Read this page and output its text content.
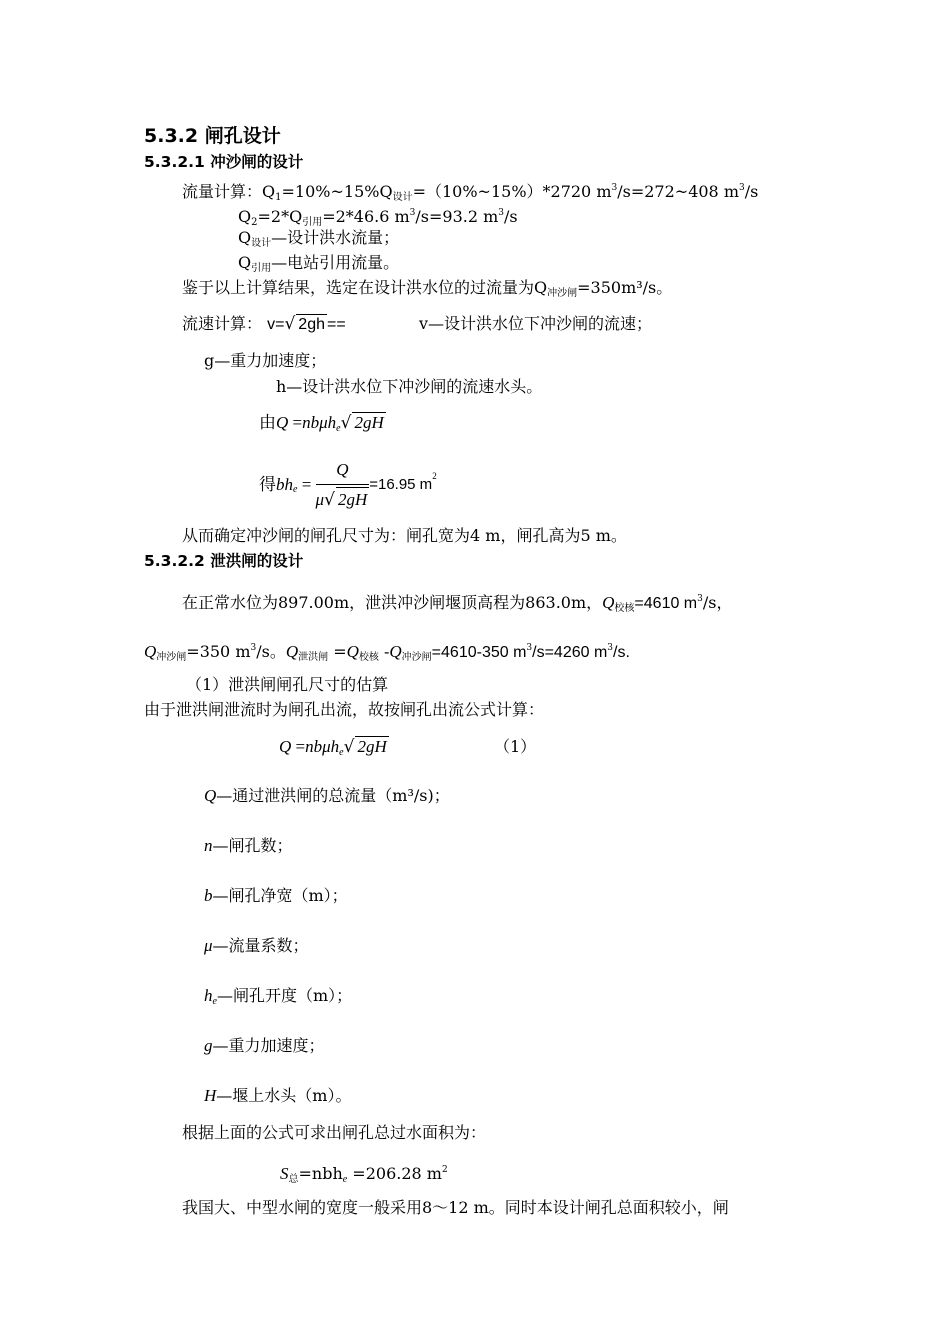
5.3.2 闸孔设计
5.3.2.1 冲沙闸的设计
流量计算：$Q_1=10\%\sim 15\%Q_{设计}=(10\%\sim 15\%)*2720$ $m^3/s=272\sim 408$ $m^3/s$
$Q_2=2*Q_{引用}=2*46.6$ $m^3/s=93.2$ $m^3/s$
$Q_{设计}—$设计洪水流量；
$Q_{引用}—$电站引用流量。
鉴于以上计算结果，选定在设计洪水位的过流量为$Q_{冲沙闸}=350m^3/s$。
流速计算： v=√ 2gh ==	v—设计洪水位下冲沙闸的流速；
g—重力加速度；
h—设计洪水位下冲沙闸的流速水头。
由Q =nbμh$_e$√ 2gH
得$bh_e = \frac{Q}{\mu√ 2gH} =16.95$ $m^2$
从而确定冲沙闸的闸孔尺寸为：闸孔宽为4 m，闸孔高为5 m。
5.3.2.2 泄洪闸的设计
在正常水位为897.00m，泄洪冲沙闸堰顶高程为863.0m，$Q_{校核}=4610$ $m^3/s$，
$Q_{冲沙闸}=350$ $m^3/s$。$Q_{泄洪闸} =Q_{校核}$ $-Q_{冲沙闸}=4610-350$ $m^3/s=4260$ $m^3/s$.
（1）泄洪闸闸孔尺寸的估算
由于泄洪闸泄流时为闸孔出流，故按闸孔出流公式计算：
Q =nbμh$_e$√ 2gH	（1）
Q—通过泄洪闸的总流量（m³/s)；
n—闸孔数；
b—闸孔净宽（m）；
μ—流量系数；
$h_e—$闸孔开度（m）；
g—重力加速度；
H—堰上水头（m）。
根据上面的公式可求出闸孔总过水面积为：
$S_总=nbh_e =206.28$ $m^2$
我国大、中型水闸的宽度一般采用8～12 m。同时本设计闸孔总面积较小，闸
